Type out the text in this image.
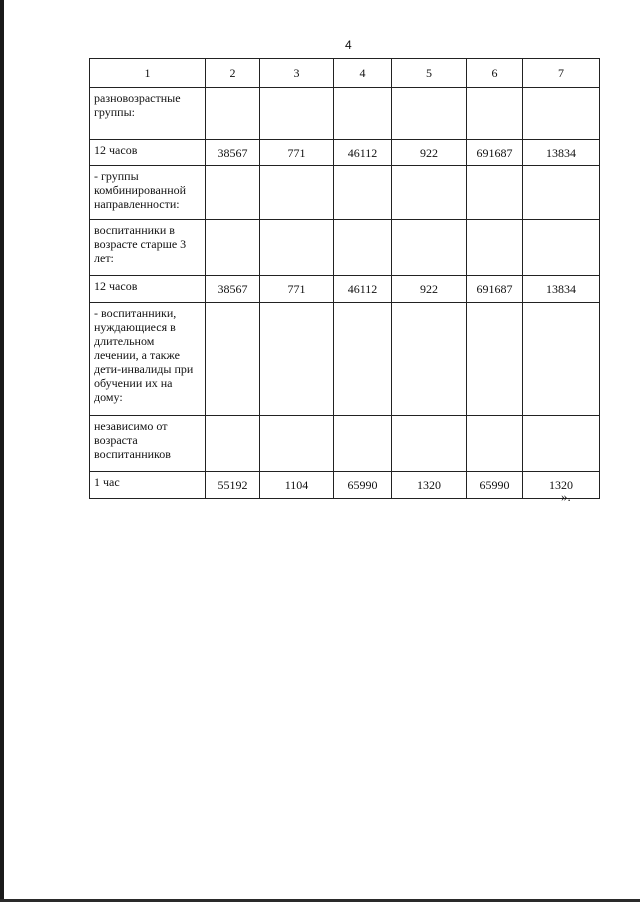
4
1	2	3	4	5	6	7
разновозрастные группы:						
12 часов	38567	771	46112	922	691687	13834
- группы комбинированной направленности:						
воспитанники в возрасте старше 3 лет:						
12 часов	38567	771	46112	922	691687	13834
- воспитанники, нуждающиеся в длительном лечении, а также дети-инвалиды при обучении их на дому:						
независимо от возраста воспитанников						
1 час	55192	1104	65990	1320	65990	1320
».
